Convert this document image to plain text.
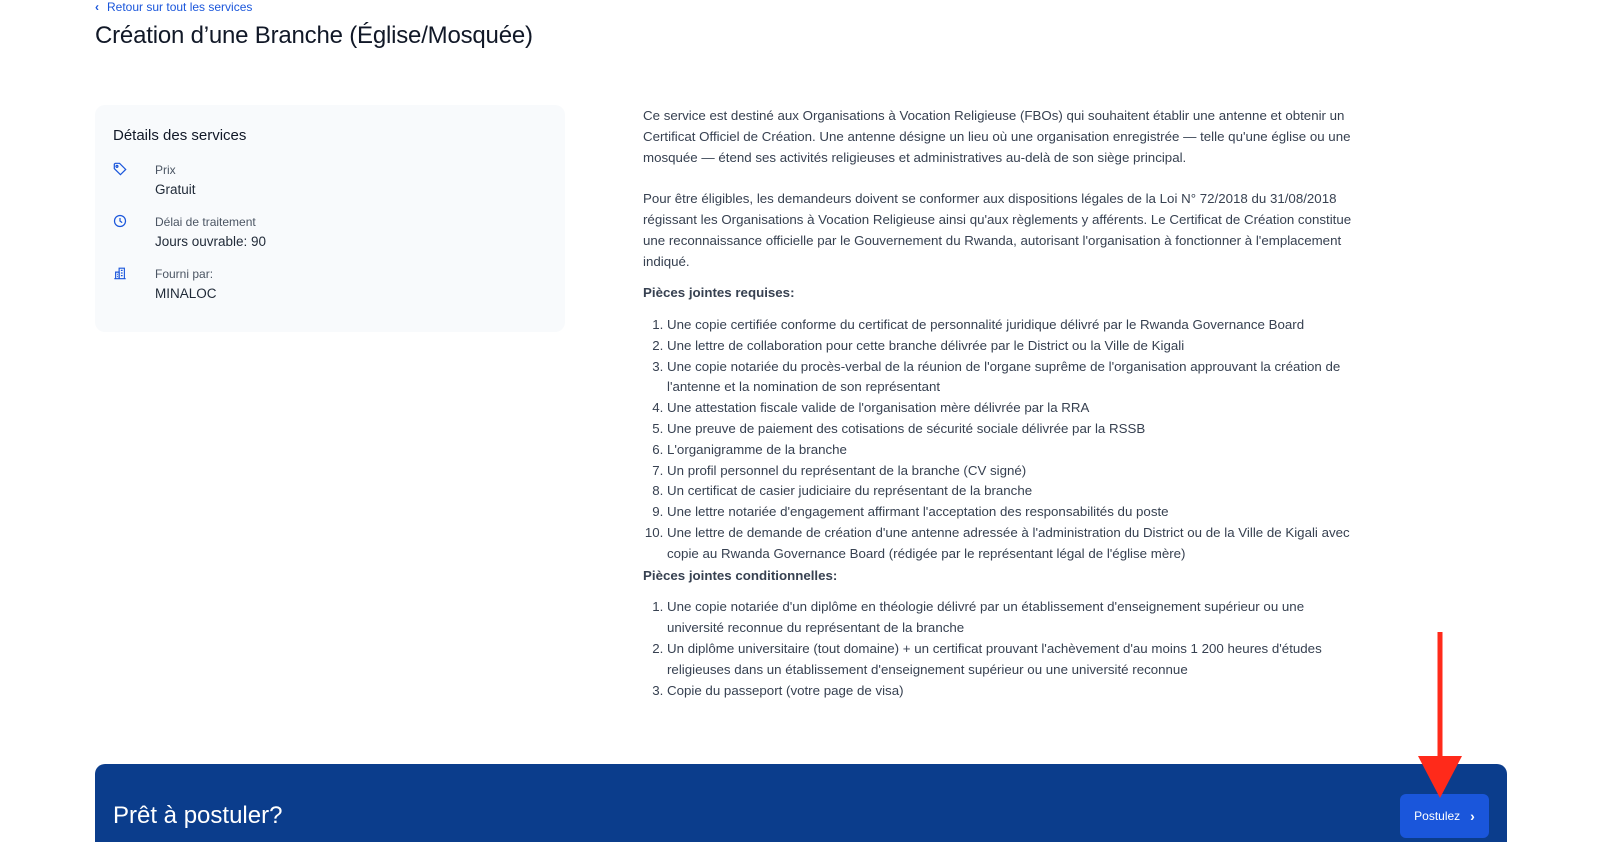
‹ Retour sur tout les services
Création d’une Branche (Église/Mosquée)
Détails des services
Prix
Gratuit
Délai de traitement
Jours ouvrable: 90
Fourni par:
MINALOC

Ce service est destiné aux Organisations à Vocation Religieuse (FBOs) qui souhaitent établir une antenne et obtenir un Certificat Officiel de Création. Une antenne désigne un lieu où une organisation enregistrée — telle qu'une église ou une mosquée — étend ses activités religieuses et administratives au-delà de son siège principal.

Pour être éligibles, les demandeurs doivent se conformer aux dispositions légales de la Loi N° 72/2018 du 31/08/2018 régissant les Organisations à Vocation Religieuse ainsi qu'aux règlements y afférents. Le Certificat de Création constitue une reconnaissance officielle par le Gouvernement du Rwanda, autorisant l'organisation à fonctionner à l'emplacement indiqué.

Pièces jointes requises:
1. Une copie certifiée conforme du certificat de personnalité juridique délivré par le Rwanda Governance Board
2. Une lettre de collaboration pour cette branche délivrée par le District ou la Ville de Kigali
3. Une copie notariée du procès-verbal de la réunion de l'organe suprême de l'organisation approuvant la création de l'antenne et la nomination de son représentant
4. Une attestation fiscale valide de l'organisation mère délivrée par la RRA
5. Une preuve de paiement des cotisations de sécurité sociale délivrée par la RSSB
6. L'organigramme de la branche
7. Un profil personnel du représentant de la branche (CV signé)
8. Un certificat de casier judiciaire du représentant de la branche
9. Une lettre notariée d'engagement affirmant l'acceptation des responsabilités du poste
10. Une lettre de demande de création d'une antenne adressée à l'administration du District ou de la Ville de Kigali avec copie au Rwanda Governance Board (rédigée par le représentant légal de l'église mère)
Pièces jointes conditionnelles:
1. Une copie notariée d'un diplôme en théologie délivré par un établissement d'enseignement supérieur ou une université reconnue du représentant de la branche
2. Un diplôme universitaire (tout domaine) + un certificat prouvant l'achèvement d'au moins 1 200 heures d'études religieuses dans un établissement d'enseignement supérieur ou une université reconnue
3. Copie du passeport (votre page de visa)
Prêt à postuler?	Postulez ›
